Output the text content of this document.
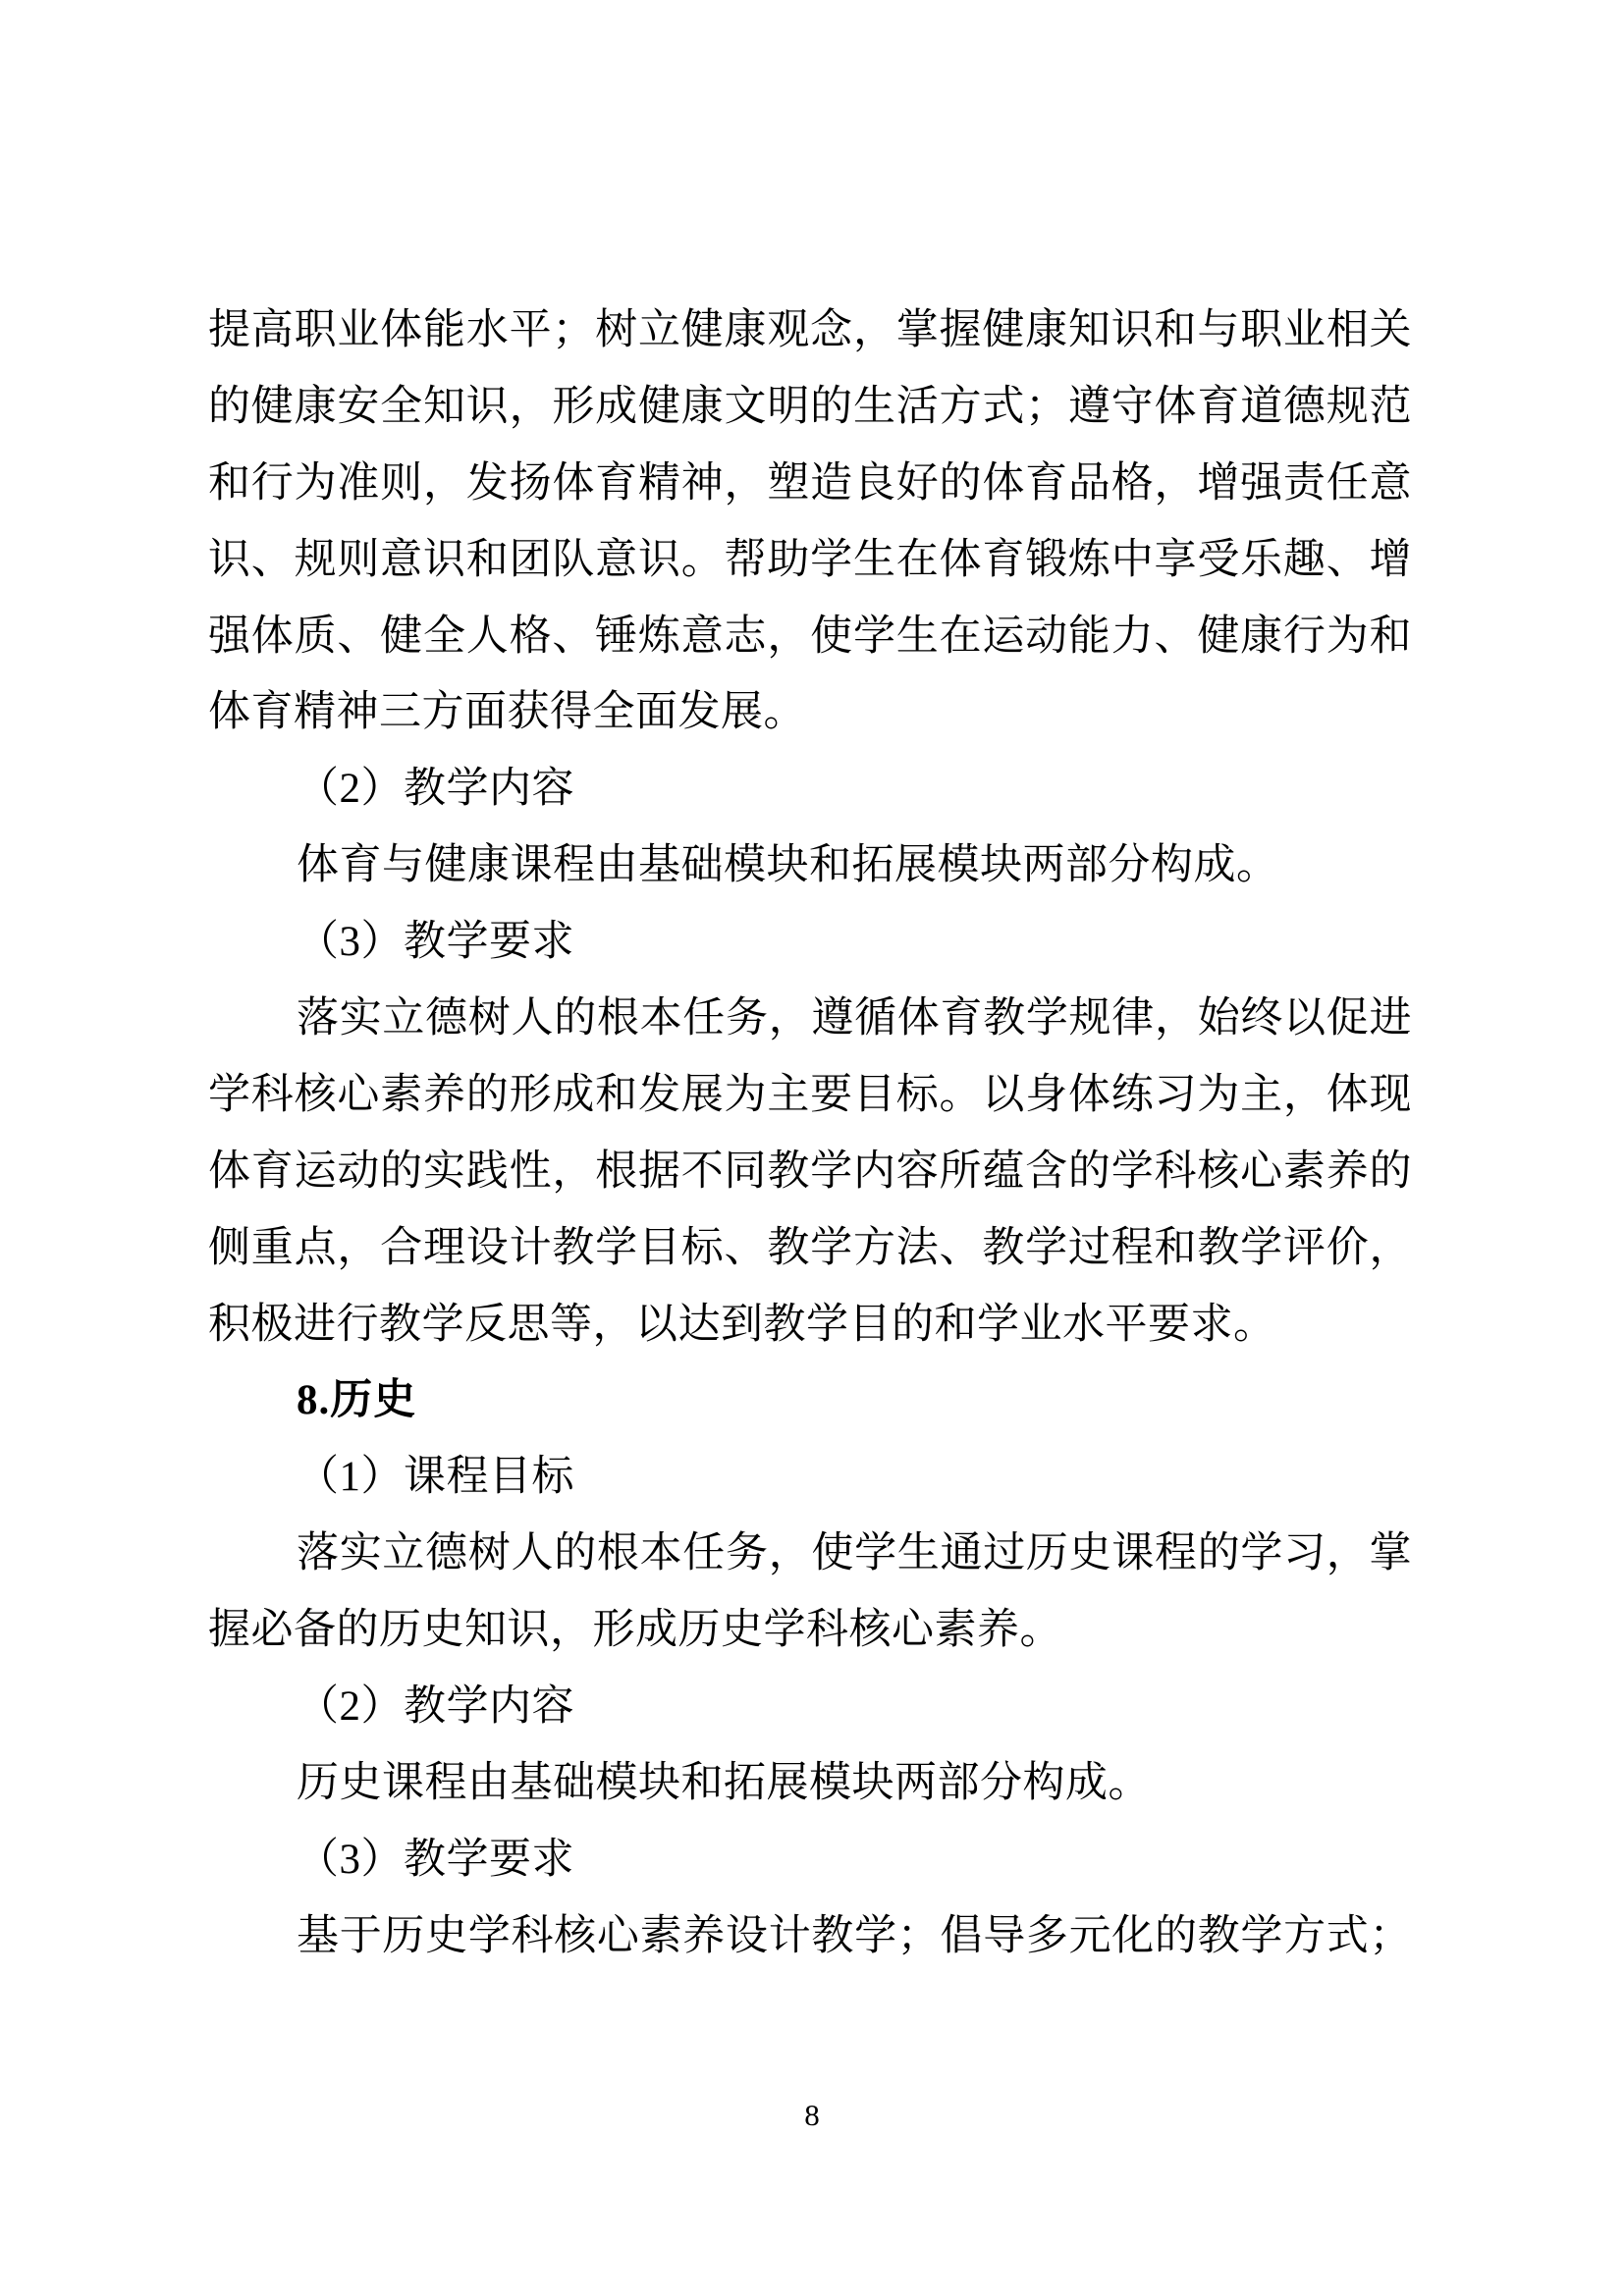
提高职业体能水平；树立健康观念，掌握健康知识和与职业相关
的健康安全知识，形成健康文明的生活方式；遵守体育道德规范
和行为准则，发扬体育精神，塑造良好的体育品格，增强责任意
识、规则意识和团队意识。帮助学生在体育锻炼中享受乐趣、增
强体质、健全人格、锤炼意志，使学生在运动能力、健康行为和
体育精神三方面获得全面发展。
（2）教学内容
体育与健康课程由基础模块和拓展模块两部分构成。
（3）教学要求
落实立德树人的根本任务，遵循体育教学规律，始终以促进
学科核心素养的形成和发展为主要目标。以身体练习为主，体现
体育运动的实践性，根据不同教学内容所蕴含的学科核心素养的
侧重点，合理设计教学目标、教学方法、教学过程和教学评价，
积极进行教学反思等，以达到教学目的和学业水平要求。
8.历史
（1）课程目标
落实立德树人的根本任务，使学生通过历史课程的学习，掌
握必备的历史知识，形成历史学科核心素养。
（2）教学内容
历史课程由基础模块和拓展模块两部分构成。
（3）教学要求
基于历史学科核心素养设计教学；倡导多元化的教学方式；
8
